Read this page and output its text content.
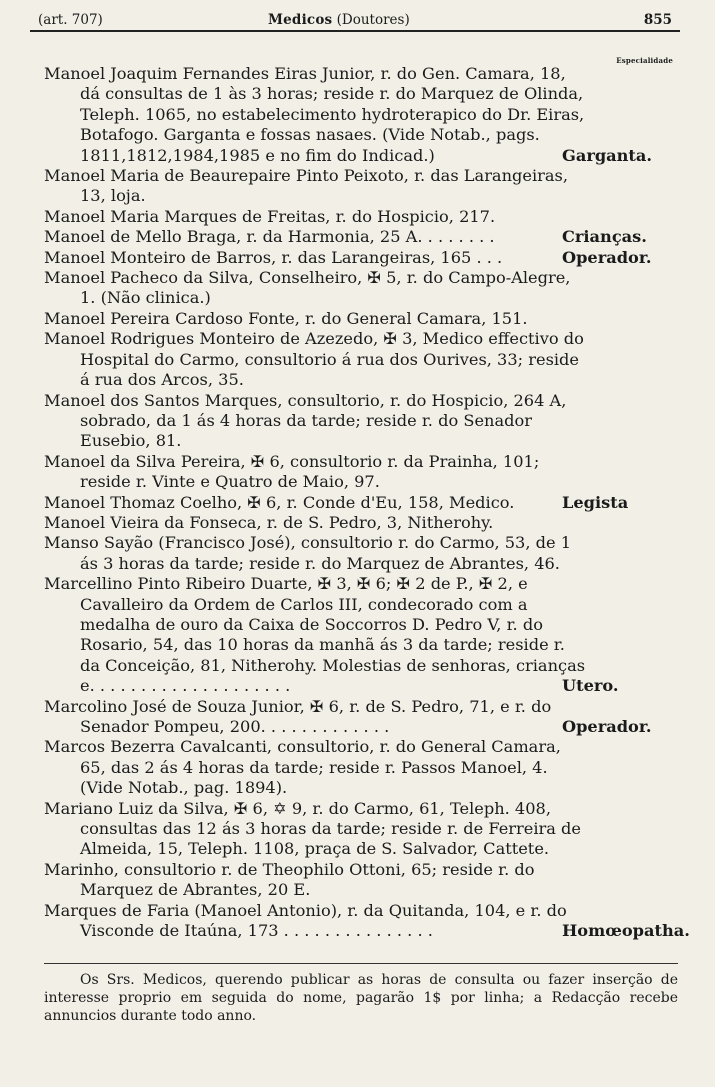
(art. 707)	Medicos (Doutores)	855
Especialidade
Manoel Joaquim Fernandes Eiras Junior, r. do Gen. Camara, 18, dá consultas de 1 às 3 horas; reside r. do Marquez de Olinda, Teleph. 1065, no estabelecimento hydroterapico do Dr. Eiras, Botafogo. Garganta e fossas nasaes. (Vide Notab., pags. 1811,1812,1984,1985 e no fim do Indicad.)	Garganta.
Manoel Maria de Beaurepaire Pinto Peixoto, r. das Larangeiras, 13, loja.
Manoel Maria Marques de Freitas, r. do Hospicio, 217.
Manoel de Mello Braga, r. da Harmonia, 25 A. . . . . . . .	Crianças.
Manoel Monteiro de Barros, r. das Larangeiras, 165 . . .	Operador.
Manoel Pacheco da Silva, Conselheiro, ✠ 5, r. do Campo-Alegre, 1. (Não clinica.)
Manoel Pereira Cardoso Fonte, r. do General Camara, 151.
Manoel Rodrigues Monteiro de Azezedo, ✠ 3, Medico effectivo do Hospital do Carmo, consultorio á rua dos Ourives, 33; reside á rua dos Arcos, 35.
Manoel dos Santos Marques, consultorio, r. do Hospicio, 264 A, sobrado, da 1 ás 4 horas da tarde; reside r. do Senador Eusebio, 81.
Manoel da Silva Pereira, ✠ 6, consultorio r. da Prainha, 101; reside r. Vinte e Quatro de Maio, 97.
Manoel Thomaz Coelho, ✠ 6, r. Conde d'Eu, 158, Medico.	Legista
Manoel Vieira da Fonseca, r. de S. Pedro, 3, Nitherohy.
Manso Sayão (Francisco José), consultorio r. do Carmo, 53, de 1 ás 3 horas da tarde; reside r. do Marquez de Abrantes, 46.
Marcellino Pinto Ribeiro Duarte, ✠ 3, ✠ 6; ✠ 2 de P., ✠ 2, e Cavalleiro da Ordem de Carlos III, condecorado com a medalha de ouro da Caixa de Soccorros D. Pedro V, r. do Rosario, 54, das 10 horas da manhã ás 3 da tarde; reside r. da Conceição, 81, Nitherohy. Molestias de senhoras, crianças e. . . . . . . . . . . . . . . . . . . .	Utero.
Marcolino José de Souza Junior, ✠ 6, r. de S. Pedro, 71, e r. do Senador Pompeu, 200. . . . . . . . . . . . .	Operador.
Marcos Bezerra Cavalcanti, consultorio, r. do General Camara, 65, das 2 ás 4 horas da tarde; reside r. Passos Manoel, 4. (Vide Notab., pag. 1894).
Mariano Luiz da Silva, ✠ 6, ✡ 9, r. do Carmo, 61, Teleph. 408, consultas das 12 ás 3 horas da tarde; reside r. de Ferreira de Almeida, 15, Teleph. 1108, praça de S. Salvador, Cattete.
Marinho, consultorio r. de Theophilo Ottoni, 65; reside r. do Marquez de Abrantes, 20 E.
Marques de Faria (Manoel Antonio), r. da Quitanda, 104, e r. do Visconde de Itaúna, 173 . . . . . . . . . . . . . . .	Homœopatha.
Os Srs. Medicos, querendo publicar as horas de consulta ou fazer inserção de interesse proprio em seguida do nome, pagarão 1$ por linha; a Redacção recebe annuncios durante todo anno.
